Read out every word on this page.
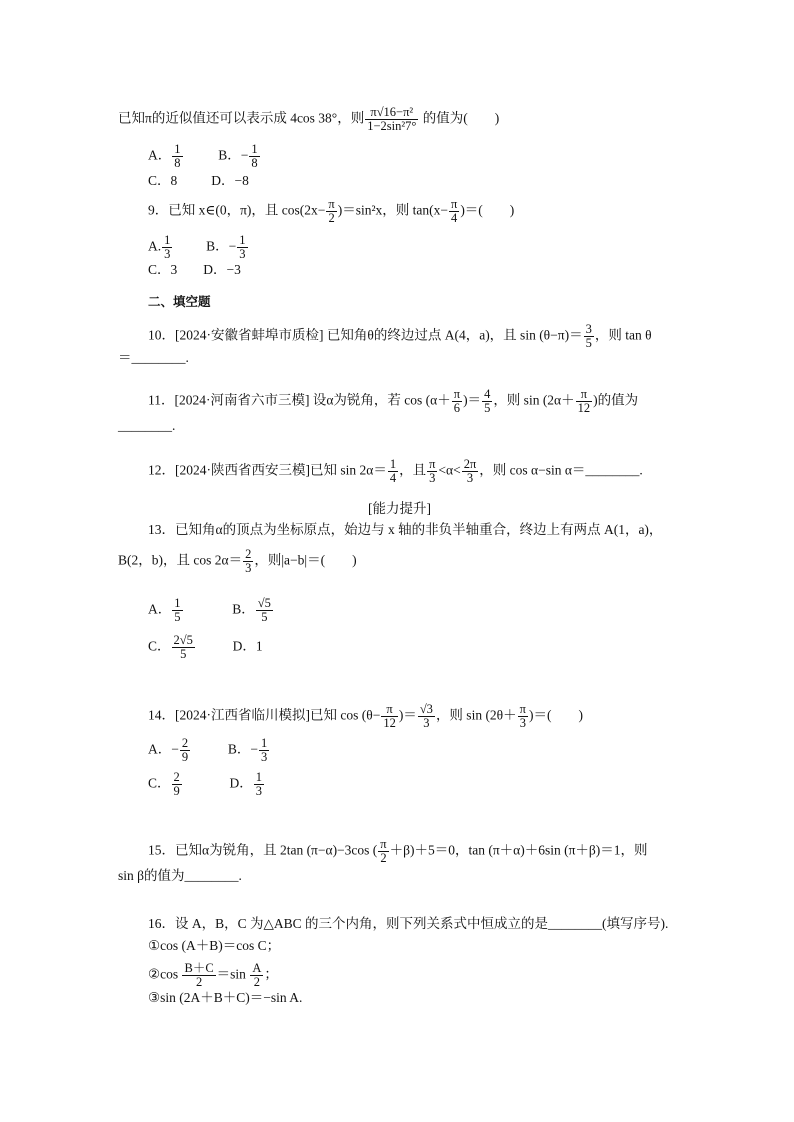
已知π的近似值还可以表示成 4cos 38°，则 $\frac{\text{π√16−π²}}{\text{1−2sin²7°}}$ 的值为(　　)
A． $\frac{1}{8}$	B．− $\frac{1}{8}$
C．8	D．−8
9．已知 x∈(0，π)，且 $\cos(2x- \frac{\pi}{2} )=\sin^2x$，则 $\tan(x- \frac{\pi}{4}$ )＝(　　)
A. $\frac{1}{3}$	B．− $\frac{1}{3}$
C．3 D．−3
二、填空题
10．[2024·安徽省蚌埠市质检] 已知角θ的终边过点 A(4，a)，且 $\sin (\theta-\pi)= \frac{3}{5}$ ，则 tan θ
＝________.
11．[2024·河南省六市三模] 设α为锐角，若 $\cos (\alpha+ \frac{\pi}{6}$ )＝ $\frac{4}{5}$ ，则 $\sin (2\alpha+ \frac{\pi}{12}$ )的值为
________.
12．[2024·陕西省西安三模]已知 $\sin 2\alpha= \frac{1}{4}$ ，且 $\frac{\pi}{3} <\alpha< \frac{2\pi}{3}$ ，则 cos α−sin α＝________.
[能力提升]
13．已知角α的顶点为坐标原点，始边与 x 轴的非负半轴重合，终边上有两点 A(1，a)，
B(2，b)，且 $\cos 2\alpha= \frac{2}{3}$ ，则|a−b|＝(　　)
A． $\frac{1}{5}$	B． $\frac{√5}{5}$
C． $\frac{2√5}{5}$	D．1
14．[2024·江西省临川模拟]已知 $\cos (\theta- \frac{\pi}{12}$ )＝ $\frac{√3}{3}$ ，则 $\sin (2\theta+ \frac{\pi}{3}$ )＝(　　)
A．− $\frac{2}{9}$	B．− $\frac{1}{3}$
C． $\frac{2}{9}$	D． $\frac{1}{3}$
15．已知α为锐角，且 2tan (π−α)−3cos ( $\frac{\pi}{2} +\beta)+5=0$，tan (π＋α)＋6sin (π＋β)＝1，则
sin β的值为________.
16．设 A，B，C 为△ABC 的三个内角，则下列关系式中恒成立的是________(填写序号).
①cos (A＋B)＝cos C；
②cos $\frac{B+C}{2} =\sin \frac{A}{2}$ ；
③sin (2A＋B＋C)＝−sin A.
